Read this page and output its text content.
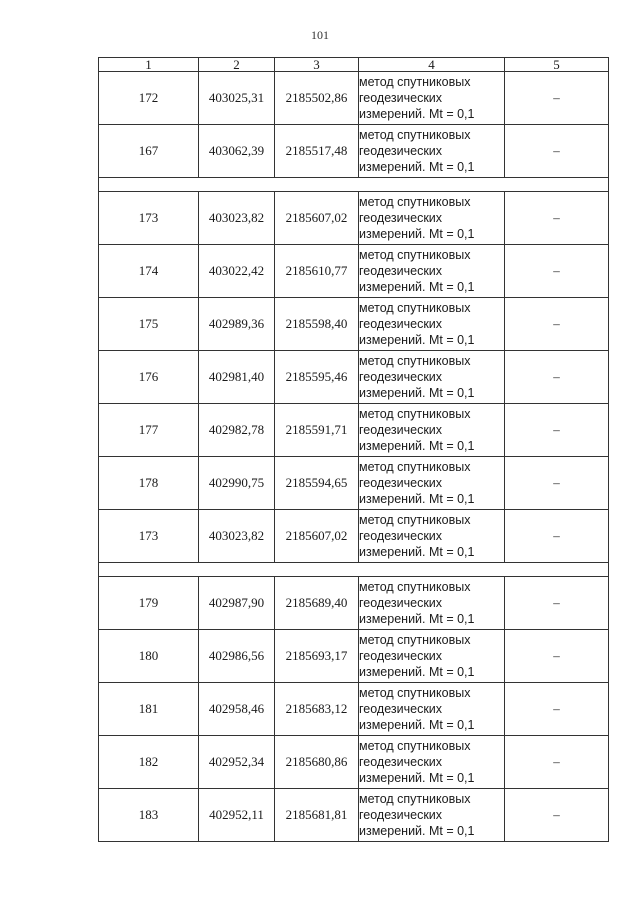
101
1	2	3	4	5
172	403025,31	2185502,86	метод спутниковых геодезических измерений. Mt = 0,1	–
167	403062,39	2185517,48	метод спутниковых геодезических измерений. Mt = 0,1	–

173	403023,82	2185607,02	метод спутниковых геодезических измерений. Mt = 0,1	–
174	403022,42	2185610,77	метод спутниковых геодезических измерений. Mt = 0,1	–
175	402989,36	2185598,40	метод спутниковых геодезических измерений. Mt = 0,1	–
176	402981,40	2185595,46	метод спутниковых геодезических измерений. Mt = 0,1	–
177	402982,78	2185591,71	метод спутниковых геодезических измерений. Mt = 0,1	–
178	402990,75	2185594,65	метод спутниковых геодезических измерений. Mt = 0,1	–
173	403023,82	2185607,02	метод спутниковых геодезических измерений. Mt = 0,1	–

179	402987,90	2185689,40	метод спутниковых геодезических измерений. Mt = 0,1	–
180	402986,56	2185693,17	метод спутниковых геодезических измерений. Mt = 0,1	–
181	402958,46	2185683,12	метод спутниковых геодезических измерений. Mt = 0,1	–
182	402952,34	2185680,86	метод спутниковых геодезических измерений. Mt = 0,1	–
183	402952,11	2185681,81	метод спутниковых геодезических измерений. Mt = 0,1	–
